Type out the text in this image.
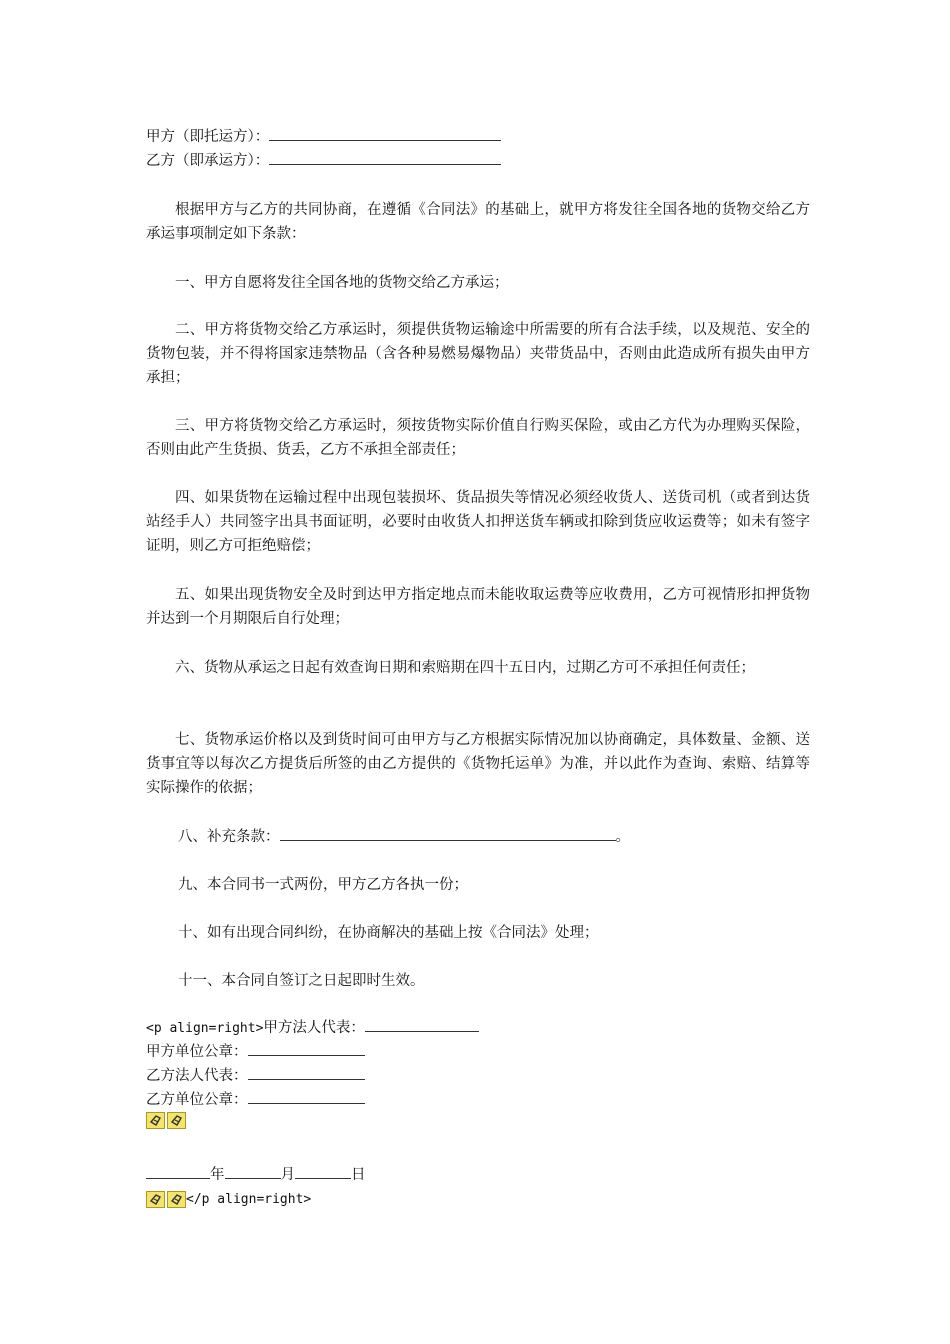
甲方（即托运方）：
乙方（即承运方）：

根据甲方与乙方的共同协商，在遵循《合同法》的基础上，就甲方将发往全国各地的货物交给乙方承运事项制定如下条款：

一、甲方自愿将发往全国各地的货物交给乙方承运；

二、甲方将货物交给乙方承运时，须提供货物运输途中所需要的所有合法手续，以及规范、安全的货物包装，并不得将国家违禁物品（含各种易燃易爆物品）夹带货品中，否则由此造成所有损失由甲方承担；

三、甲方将货物交给乙方承运时，须按货物实际价值自行购买保险，或由乙方代为办理购买保险，否则由此产生货损、货丢，乙方不承担全部责任；

四、如果货物在运输过程中出现包装损坏、货品损失等情况必须经收货人、送货司机（或者到达货站经手人）共同签字出具书面证明，必要时由收货人扣押送货车辆或扣除到货应收运费等；如未有签字证明，则乙方可拒绝赔偿；

五、如果出现货物安全及时到达甲方指定地点而未能收取运费等应收费用，乙方可视情形扣押货物并达到一个月期限后自行处理；

六、货物从承运之日起有效查询日期和索赔期在四十五日内，过期乙方可不承担任何责任；

七、货物承运价格以及到货时间可由甲方与乙方根据实际情况加以协商确定，具体数量、金额、送货事宜等以每次乙方提货后所签的由乙方提供的《货物托运单》为准，并以此作为查询、索赔、结算等实际操作的依据；

八、补充条款：	。
九、本合同书一式两份，甲方乙方各执一份；
十、如有出现合同纠纷，在协商解决的基础上按《合同法》处理；
十一、本合同自签订之日起即时生效。
<p align=right>甲方法人代表：
甲方单位公章：
乙方法人代表：
乙方单位公章：
年	月	日
</p align=right>
